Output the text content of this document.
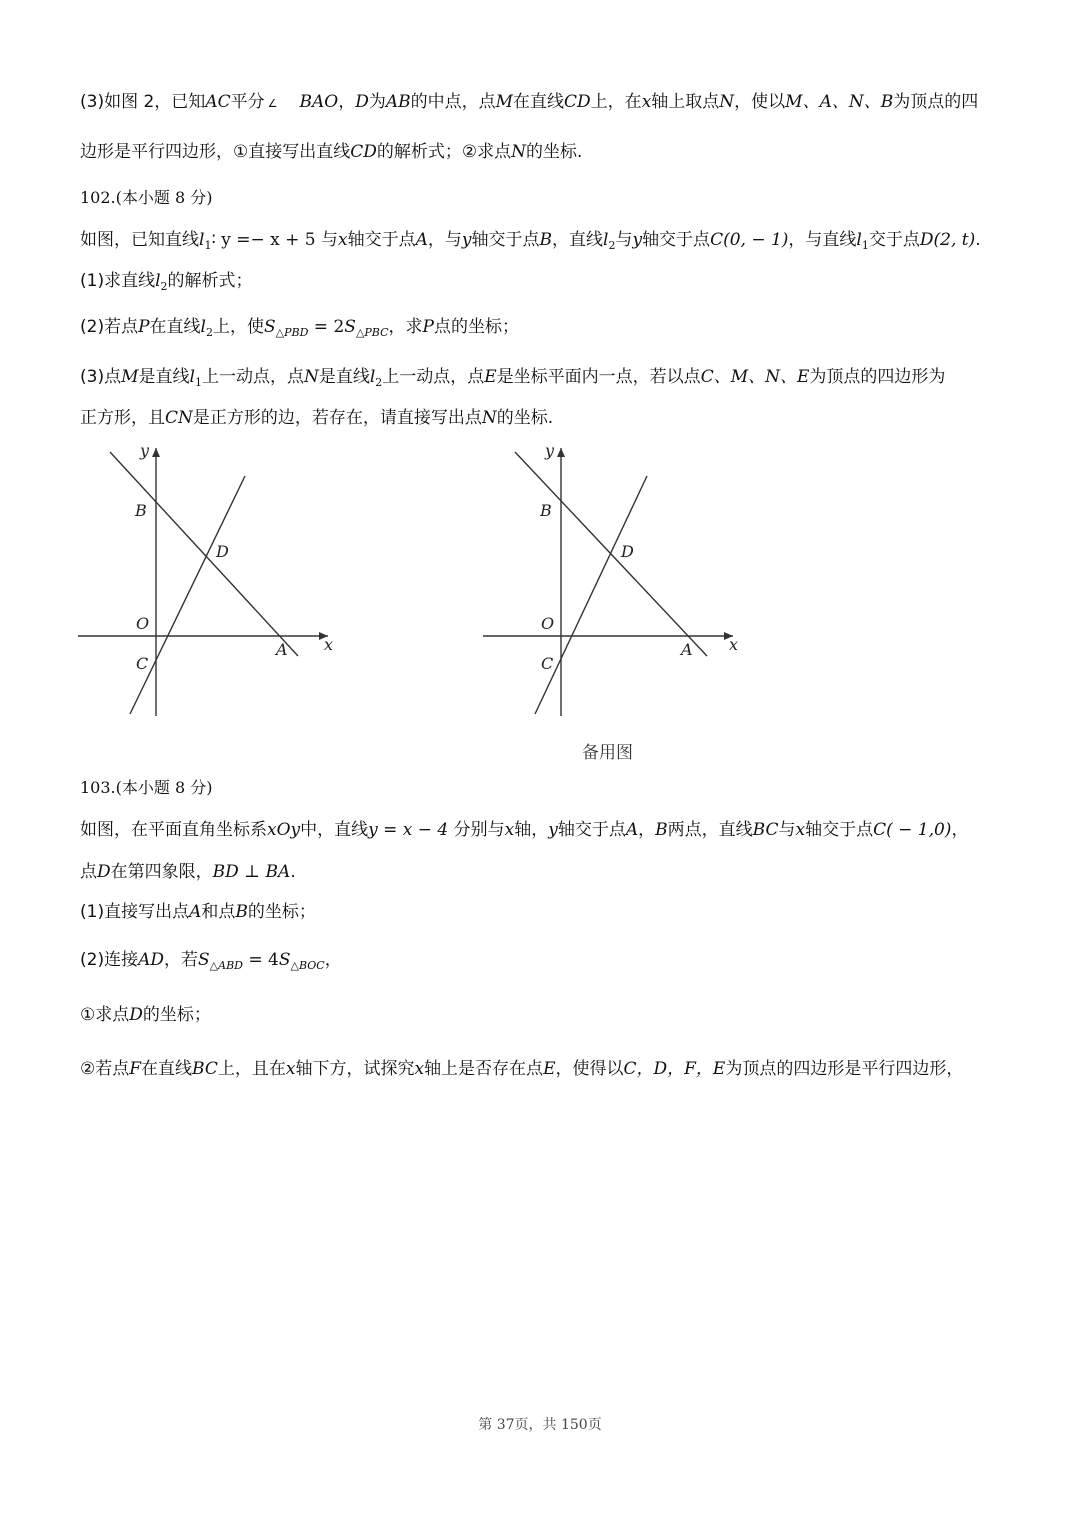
(3)如图 2，已知AC平分 ∠ BAO，D为AB的中点，点M在直线CD上，在x轴上取点N，使以M、A、N、B为顶点的四
边形是平行四边形，①直接写出直线CD的解析式；②求点N的坐标.
102.(本小题 8 分)
如图，已知直线$l_1∶$ y =− x + 5 与x轴交于点A，与y轴交于点B，直线$l_2$与y轴交于点C(0, − 1)，与直线$l_1$交于点D(2, t).
(1)求直线$l_2$的解析式；
(2)若点P在直线$l_2$上，使$S_{\triangle PBD} = 2S_{\triangle PBC}$，求P点的坐标；
(3)点M是直线$l_1$上一动点，点N是直线$l_2$上一动点，点E是坐标平面内一点，若以点C、M、N、E为顶点的四边形为
正方形，且CN是正方形的边，若存在，请直接写出点N的坐标.
y
x
B
D
O
C
A
y
x
B
D
O
C
A
备用图
103.(本小题 8 分)
如图，在平面直角坐标系xOy中，直线y = x − 4 分别与x轴，y轴交于点A，B两点，直线BC与x轴交于点C( − 1,0)，
点D在第四象限，BD ⊥ BA.
(1)直接写出点A和点B的坐标；
(2)连接AD，若$S_{\triangle ABD} = 4S_{\triangle BOC}$，
①求点D的坐标；
②若点F在直线BC上，且在x轴下方，试探究x轴上是否存在点E，使得以C，D，F，E为顶点的四边形是平行四边形，
第 37页，共 150页
